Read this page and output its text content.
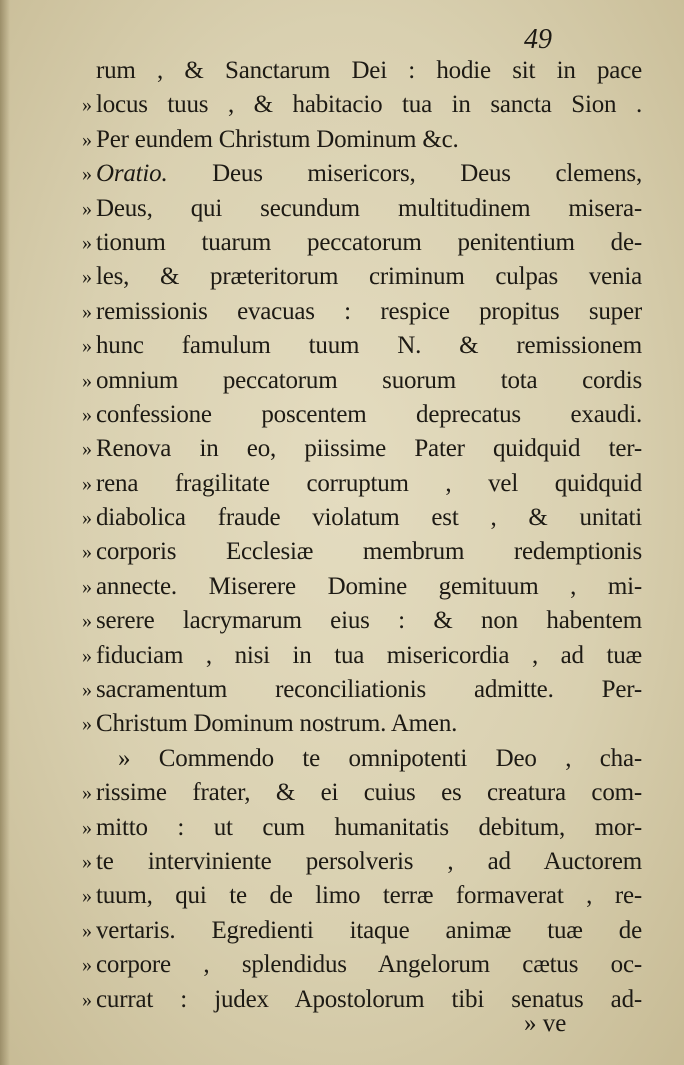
49
rum , & Sanctarum Dei : hodie sit in pace
» locus tuus , & habitacio tua in sancta Sion .
» Per eundem Christum Dominum &c.
» Oratio. Deus misericors, Deus clemens,
» Deus, qui secundum multitudinem misera-
» tionum tuarum peccatorum penitentium de-
» les, & præteritorum criminum culpas venia
» remissionis evacuas : respice propitus super
» hunc famulum tuum N. & remissionem
» omnium peccatorum suorum tota cordis
» confessione poscentem deprecatus exaudi.
» Renova in eo, piissime Pater quidquid ter-
» rena fragilitate corruptum , vel quidquid
» diabolica fraude violatum est , & unitati
» corporis Ecclesiæ membrum redemptionis
» annecte. Miserere Domine gemituum , mi-
» serere lacrymarum eius : & non habentem
» fiduciam , nisi in tua misericordia , ad tuæ
» sacramentum reconciliationis admitte. Per-
» Christum Dominum nostrum. Amen.
» Commendo te omnipotenti Deo , cha-
» rissime frater, & ei cuius es creatura com-
» mitto : ut cum humanitatis debitum, mor-
» te interviniente persolveris , ad Auctorem
» tuum, qui te de limo terræ formaverat , re-
» vertaris. Egredienti itaque animæ tuæ de
» corpore , splendidus Angelorum cætus oc-
» currat : judex Apostolorum tibi senatus ad-
» ve
